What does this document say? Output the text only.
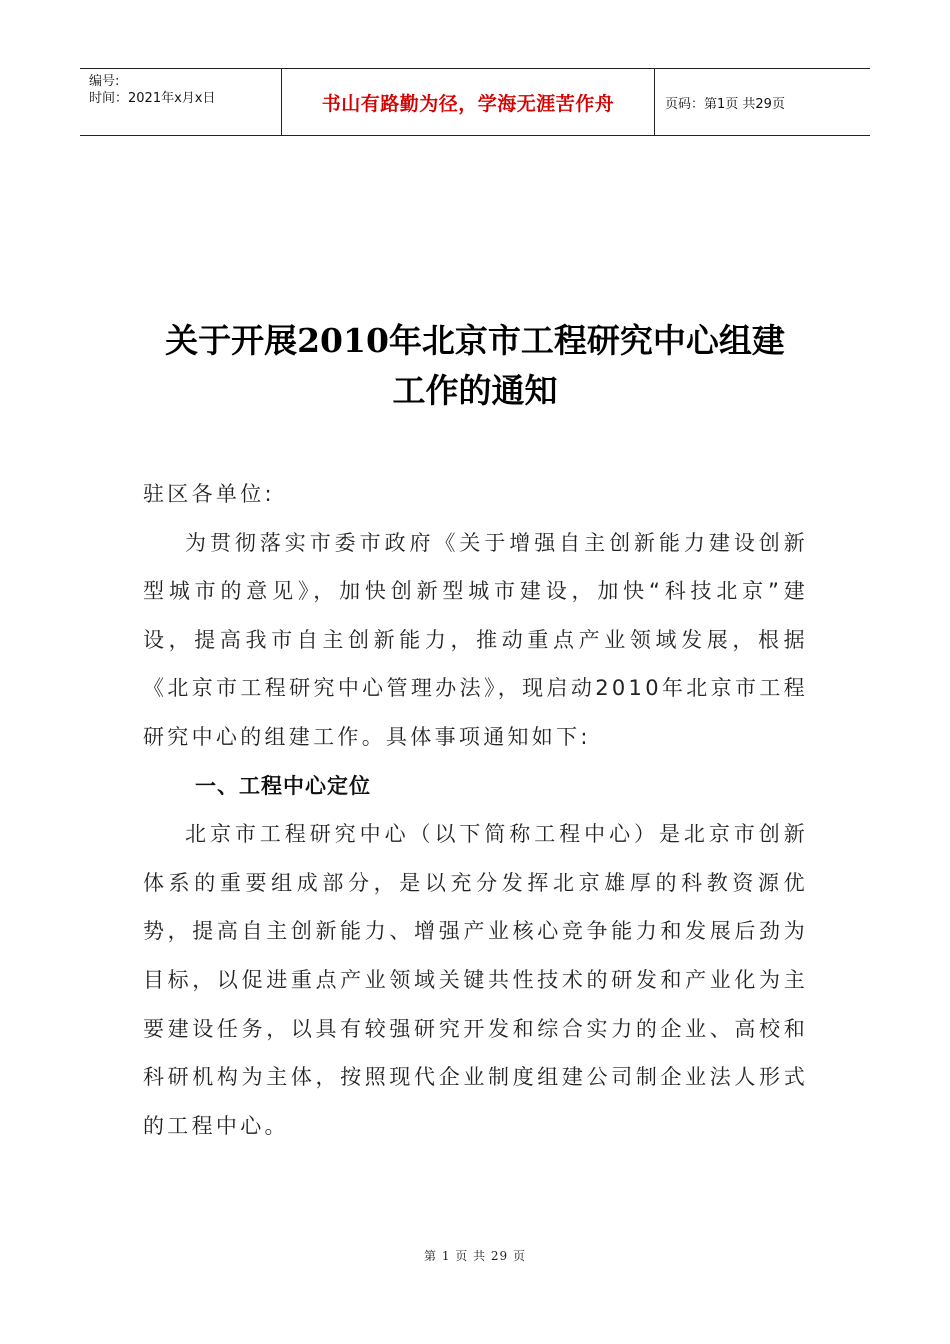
编号:
时间：2021年x月x日	书山有路勤为径，学海无涯苦作舟	页码：第1页 共29页
关于开展2010年北京市工程研究中心组建
工作的通知

驻区各单位:

为贯彻落实市委市政府《关于增强自主创新能力建设创新型城市的意见》，加快创新型城市建设，加快“科技北京”建设，提高我市自主创新能力，推动重点产业领域发展，根据《北京市工程研究中心管理办法》，现启动2010年北京市工程研究中心的组建工作。具体事项通知如下:

一、工程中心定位

北京市工程研究中心（以下简称工程中心）是北京市创新体系的重要组成部分，是以充分发挥北京雄厚的科教资源优势，提高自主创新能力、增强产业核心竞争能力和发展后劲为目标，以促进重点产业领域关键共性技术的研发和产业化为主要建设任务，以具有较强研究开发和综合实力的企业、高校和科研机构为主体，按照现代企业制度组建公司制企业法人形式的工程中心。

第 1 页 共 29 页
